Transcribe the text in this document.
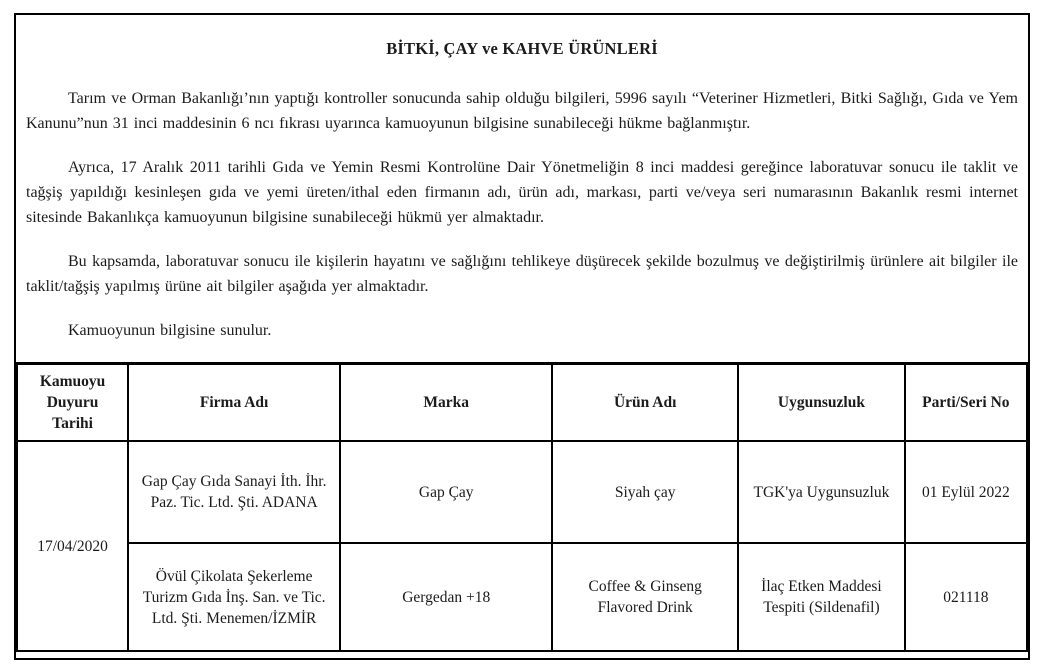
BİTKİ, ÇAY ve KAHVE ÜRÜNLERİ

Tarım ve Orman Bakanlığı’nın yaptığı kontroller sonucunda sahip olduğu bilgileri, 5996 sayılı “Veteriner Hizmetleri, Bitki Sağlığı, Gıda ve Yem Kanunu”nun 31 inci maddesinin 6 ncı fıkrası uyarınca kamuoyunun bilgisine sunabileceği hükme bağlanmıştır.

Ayrıca, 17 Aralık 2011 tarihli Gıda ve Yemin Resmi Kontrolüne Dair Yönetmeliğin 8 inci maddesi gereğince laboratuvar sonucu ile taklit ve tağşiş yapıldığı kesinleşen gıda ve yemi üreten/ithal eden firmanın adı, ürün adı, markası, parti ve/veya seri numarasının Bakanlık resmi internet sitesinde Bakanlıkça kamuoyunun bilgisine sunabileceği hükmü yer almaktadır.

Bu kapsamda, laboratuvar sonucu ile kişilerin hayatını ve sağlığını tehlikeye düşürecek şekilde bozulmuş ve değiştirilmiş ürünlere ait bilgiler ile taklit/tağşiş yapılmış ürüne ait bilgiler aşağıda yer almaktadır.

Kamuoyunun bilgisine sunulur.

Kamuoyu Duyuru Tarihi	Firma Adı	Marka	Ürün Adı	Uygunsuzluk	Parti/Seri No
17/04/2020	Gap Çay Gıda Sanayi İth. İhr. Paz. Tic. Ltd. Şti. ADANA	Gap Çay	Siyah çay	TGK'ya Uygunsuzluk	01 Eylül 2022
	Övül Çikolata Şekerleme Turizm Gıda İnş. San. ve Tic. Ltd. Şti. Menemen/İZMİR	Gergedan +18	Coffee & Ginseng Flavored Drink	İlaç Etken Maddesi Tespiti (Sildenafil)	021118
